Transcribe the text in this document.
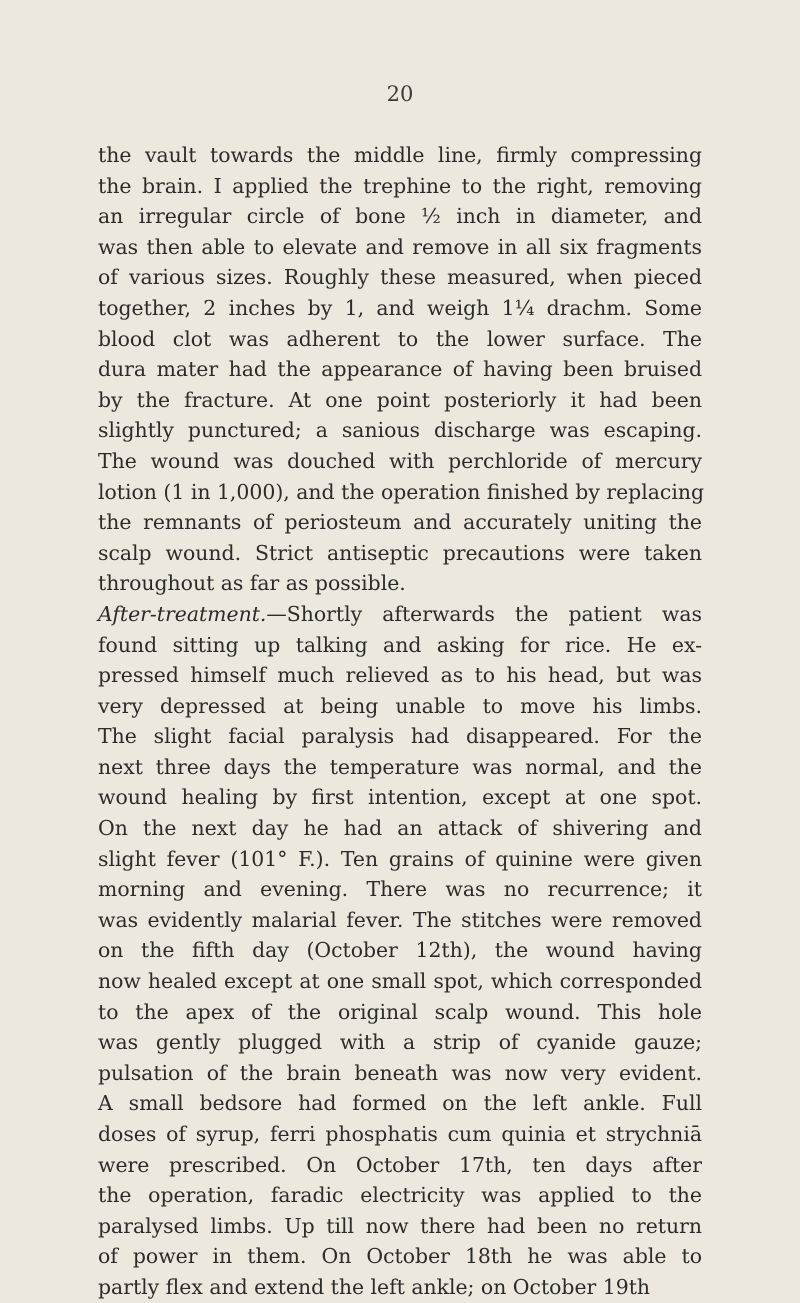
20
the vault towards the middle line, firmly compressing
the brain. I applied the trephine to the right, removing
an irregular circle of bone ½ inch in diameter, and
was then able to elevate and remove in all six fragments
of various sizes. Roughly these measured, when pieced
together, 2 inches by 1, and weigh 1¼ drachm. Some
blood clot was adherent to the lower surface. The
dura mater had the appearance of having been bruised
by the fracture. At one point posteriorly it had been
slightly punctured; a sanious discharge was escaping.
The wound was douched with perchloride of mercury
lotion (1 in 1,000), and the operation finished by replacing
the remnants of periosteum and accurately uniting the
scalp wound. Strict antiseptic precautions were taken
throughout as far as possible.
After-treatment.—Shortly afterwards the patient was
found sitting up talking and asking for rice. He ex-
pressed himself much relieved as to his head, but was
very depressed at being unable to move his limbs.
The slight facial paralysis had disappeared. For the
next three days the temperature was normal, and the
wound healing by first intention, except at one spot.
On the next day he had an attack of shivering and
slight fever (101° F.). Ten grains of quinine were given
morning and evening. There was no recurrence; it
was evidently malarial fever. The stitches were removed
on the fifth day (October 12th), the wound having
now healed except at one small spot, which corresponded
to the apex of the original scalp wound. This hole
was gently plugged with a strip of cyanide gauze;
pulsation of the brain beneath was now very evident.
A small bedsore had formed on the left ankle. Full
doses of syrup, ferri phosphatis cum quinia et strychniā
were prescribed. On October 17th, ten days after
the operation, faradic electricity was applied to the
paralysed limbs. Up till now there had been no return
of power in them. On October 18th he was able to
partly flex and extend the left ankle; on October 19th
